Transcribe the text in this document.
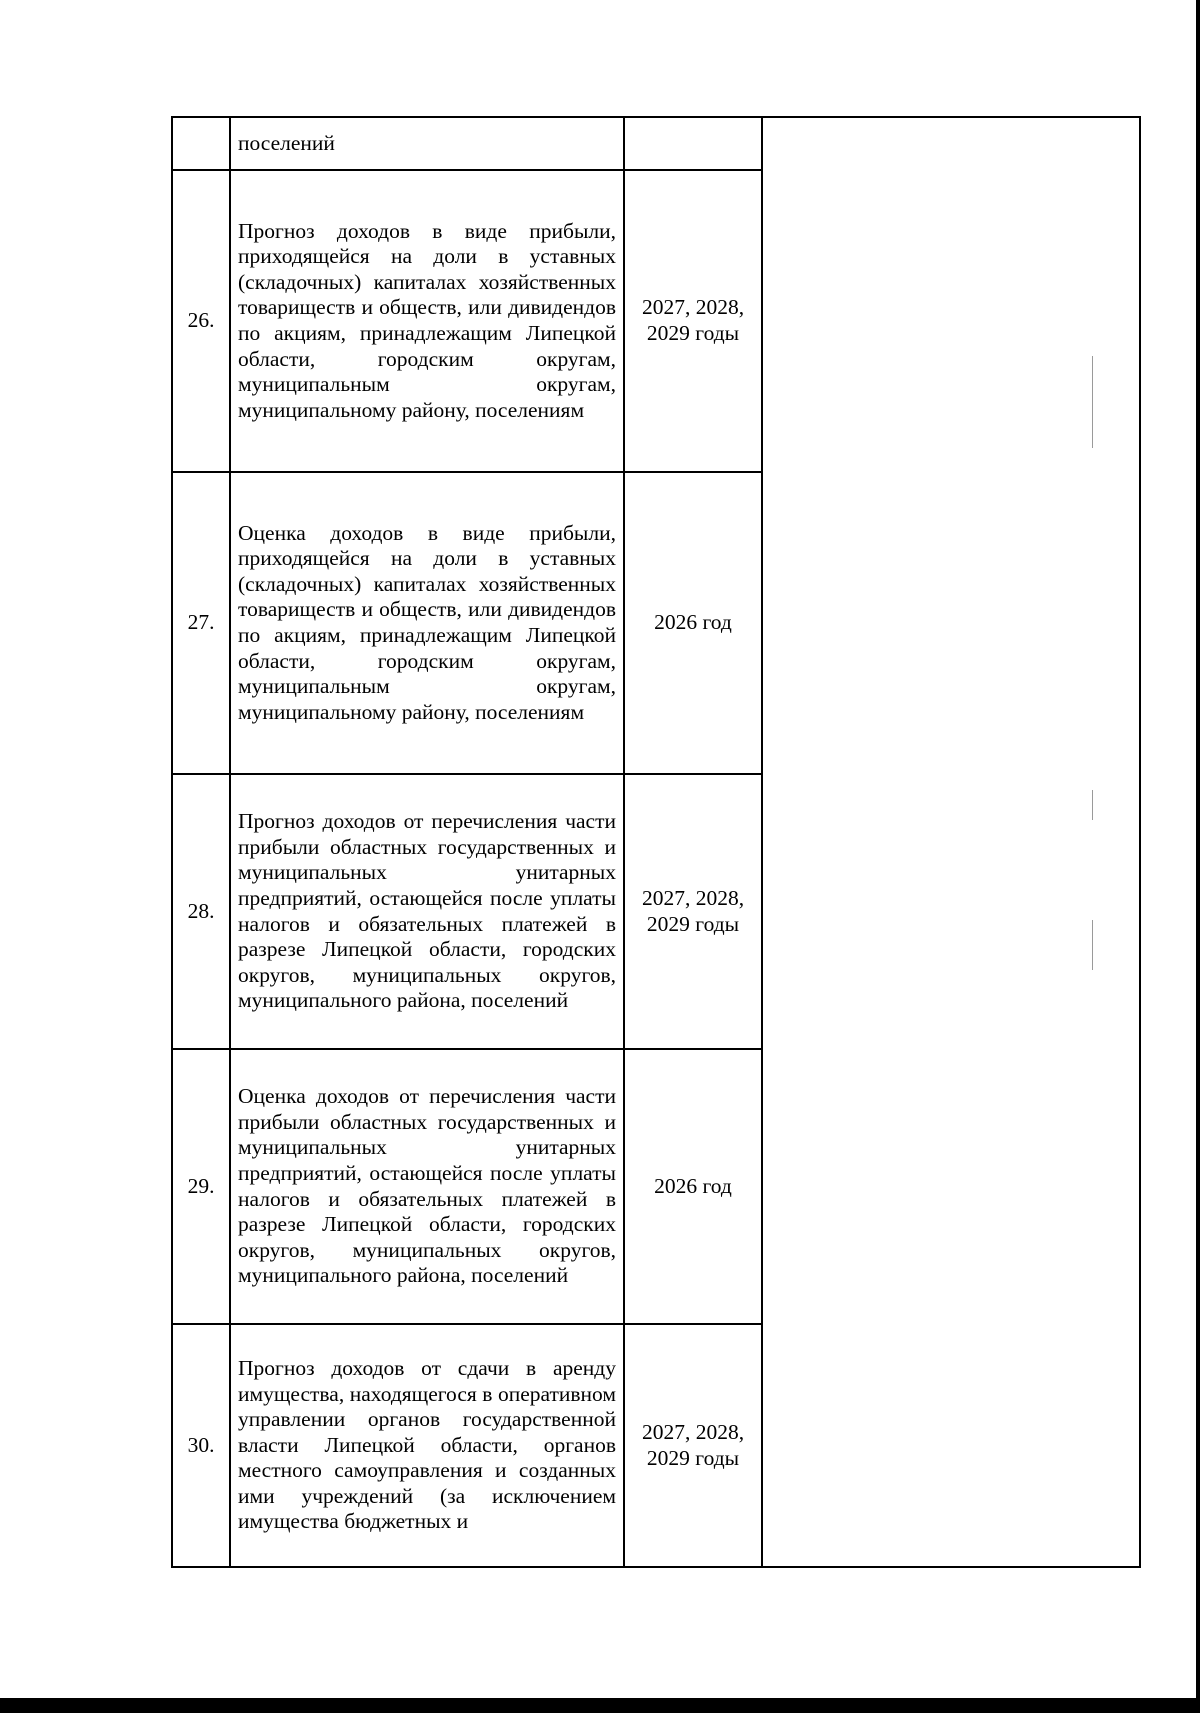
	поселений		
26.	Прогноз доходов в виде прибыли, приходящейся на доли в уставных (складочных) капиталах хозяйственных товариществ и обществ, или дивидендов по акциям, принадлежащим Липецкой области, городским округам, муниципальным округам, муниципальному району, поселениям	2027, 2028,
2029 годы	

27.	Оценка доходов в виде прибыли, приходящейся на доли в уставных (складочных) капиталах хозяйственных товариществ и обществ, или дивидендов по акциям, принадлежащим Липецкой области, городским округам, муниципальным округам, муниципальному району, поселениям	2026 год	

28.	Прогноз доходов от перечисления части прибыли областных государственных и муниципальных унитарных предприятий, остающейся после уплаты налогов и обязательных платежей в разрезе Липецкой области, городских округов, муниципальных округов, муниципального района, поселений	2027, 2028,
2029 годы	

29.	Оценка доходов от перечисления части прибыли областных государственных и муниципальных унитарных предприятий, остающейся после уплаты налогов и обязательных платежей в разрезе Липецкой области, городских округов, муниципальных округов, муниципального района, поселений	2026 год	

30.	Прогноз доходов от сдачи в аренду имущества, находящегося в оперативном управлении органов государственной власти Липецкой области, органов местного самоуправления и созданных ими учреждений (за исключением имущества бюджетных и	2027, 2028,
2029 годы	
